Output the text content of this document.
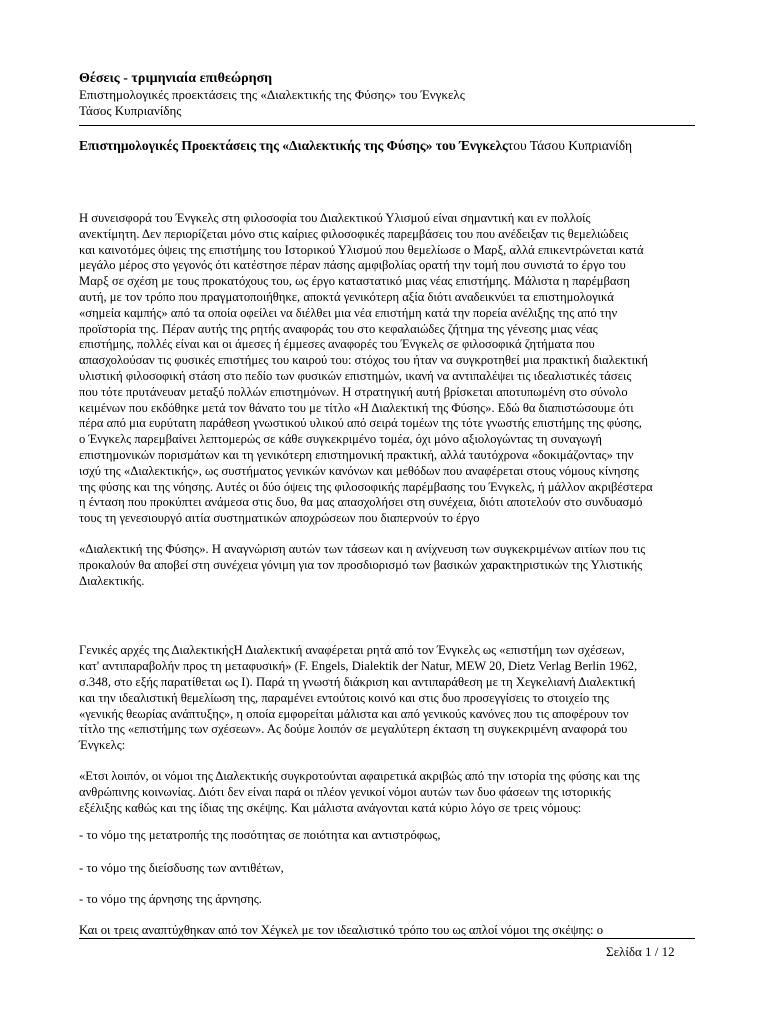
Θέσεις - τριμηνιαία επιθεώρηση

Επιστημολογικές προεκτάσεις της «Διαλεκτικής της Φύσης» του Ένγκελς

Τάσος Κυπριανίδης

Επιστημολογικές Προεκτάσεις της «Διαλεκτικής της Φύσης» του Ένγκελςτου Τάσου Κυπριανίδη

Η συνεισφορά του Ένγκελς στη φιλοσοφία του Διαλεκτικού Υλισμού είναι σημαντική και εν πολλοίς

ανεκτίμητη. Δεν περιορίζεται μόνο στις καίριες φιλοσοφικές παρεμβάσεις του που ανέδειξαν τις θεμελιώδεις

και καινοτόμες όψεις της επιστήμης του Ιστορικού Υλισμού που θεμελίωσε ο Μαρξ, αλλά επικεντρώνεται κατά

μεγάλο μέρος στο γεγονός ότι κατέστησε πέραν πάσης αμφιβολίας ορατή την τομή που συνιστά το έργο του

Μαρξ σε σχέση με τους προκατόχους του, ως έργο καταστατικό μιας νέας επιστήμης. Μάλιστα η παρέμβαση

αυτή, με τον τρόπο που πραγματοποιήθηκε, αποκτά γενικότερη αξία διότι αναδεικνύει τα επιστημολογικά

«σημεία καμπής» από τα οποία οφείλει να διέλθει μια νέα επιστήμη κατά την πορεία ανέλιξης της από την

προϊστορία της. Πέραν αυτής της ρητής αναφοράς του στο κεφαλαιώδες ζήτημα της γένεσης μιας νέας

επιστήμης, πολλές είναι και οι άμεσες ή έμμεσες αναφορές του Ένγκελς σε φιλοσοφικά ζητήματα που

απασχολούσαν τις φυσικές επιστήμες του καιρού του: στόχος του ήταν να συγκροτηθεί μια πρακτική διαλεκτική

υλιστική φιλοσοφική στάση στο πεδίο των φυσικών επιστημών, ικανή να αντιπαλέψει τις ιδεαλιστικές τάσεις

που τότε πρυτάνευαν μεταξύ πολλών επιστημόνων. Η στρατηγική αυτή βρίσκεται αποτυπωμένη στο σύνολο

κειμένων που εκδόθηκε μετά τον θάνατο του με τίτλο «Η Διαλεκτική της Φύσης». Εδώ θα διαπιστώσουμε ότι

πέρα από μια ευρύτατη παράθεση γνωστικού υλικού από σειρά τομέων της τότε γνωστής επιστήμης της φύσης,

ο Ένγκελς παρεμβαίνει λεπτομερώς σε κάθε συγκεκριμένο τομέα, όχι μόνο αξιολογώντας τη συναγωγή

επιστημονικών πορισμάτων και τη γενικότερη επιστημονική πρακτική, αλλά ταυτόχρονα «δοκιμάζοντας» την

ισχύ της «Διαλεκτικής», ως συστήματος γενικών κανόνων και μεθόδων που αναφέρεται στους νόμους κίνησης

της φύσης και της νόησης. Αυτές οι δύο όψεις της φιλοσοφικής παρέμβασης του Ένγκελς, ή μάλλον ακριβέστερα

η ένταση που προκύπτει ανάμεσα στις δυο, θα μας απασχολήσει στη συνέχεια, διότι αποτελούν στο συνδυασμό

τους τη γενεσιουργό αιτία συστηματικών αποχρώσεων που διαπερνούν το έργο

«Διαλεκτική της Φύσης». Η αναγνώριση αυτών των τάσεων και η ανίχνευση των συγκεκριμένων αιτίων που τις

προκαλούν θα αποβεί στη συνέχεια γόνιμη για τον προσδιορισμό των βασικών χαρακτηριστικών της Υλιστικής

Διαλεκτικής.

Γενικές αρχές της ΔιαλεκτικήςΗ Διαλεκτική αναφέρεται ρητά από τον Ένγκελς ως «επιστήμη των σχέσεων,

κατ' αντιπαραβολήν προς τη μεταφυσική» (F. Engels, Dialektik der Natur, MEW 20, Dietz Verlag Berlin 1962,

σ.348, στο εξής παρατίθεται ως Ι). Παρά τη γνωστή διάκριση και αντιπαράθεση με τη Χεγκελιανή Διαλεκτική

και την ιδεαλιστική θεμελίωση της, παραμένει εντούτοις κοινό και στις δυο προσεγγίσεις το στοιχείο της

«γενικής θεωρίας ανάπτυξης», η οποία εμφορείται μάλιστα και από γενικούς κανόνες που τις αποφέρουν τον

τίτλο της «επιστήμης των σχέσεων». Ας δούμε λοιπόν σε μεγαλύτερη έκταση τη συγκεκριμένη αναφορά του

Ένγκελς:

«Ετσι λοιπόν, οι νόμοι της Διαλεκτικής συγκροτούνται αφαιρετικά ακριβώς από την ιστορία της φύσης και της

ανθρώπινης κοινωνίας. Διότι δεν είναι παρά οι πλέον γενικοί νόμοι αυτών των δυο φάσεων της ιστορικής

εξέλιξης καθώς και της ίδιας της σκέψης. Και μάλιστα ανάγονται κατά κύριο λόγο σε τρεις νόμους:

- το νόμο της μετατροπής της ποσότητας σε ποιότητα και αντιστρόφως,

- το νόμο της διείσδυσης των αντιθέτων,

- το νόμο της άρνησης της άρνησης.

Και οι τρεις αναπτύχθηκαν από τον Χέγκελ με τον ιδεαλιστικό τρόπο του ως απλοί νόμοι της σκέψης: ο

Σελίδα 1 / 12
